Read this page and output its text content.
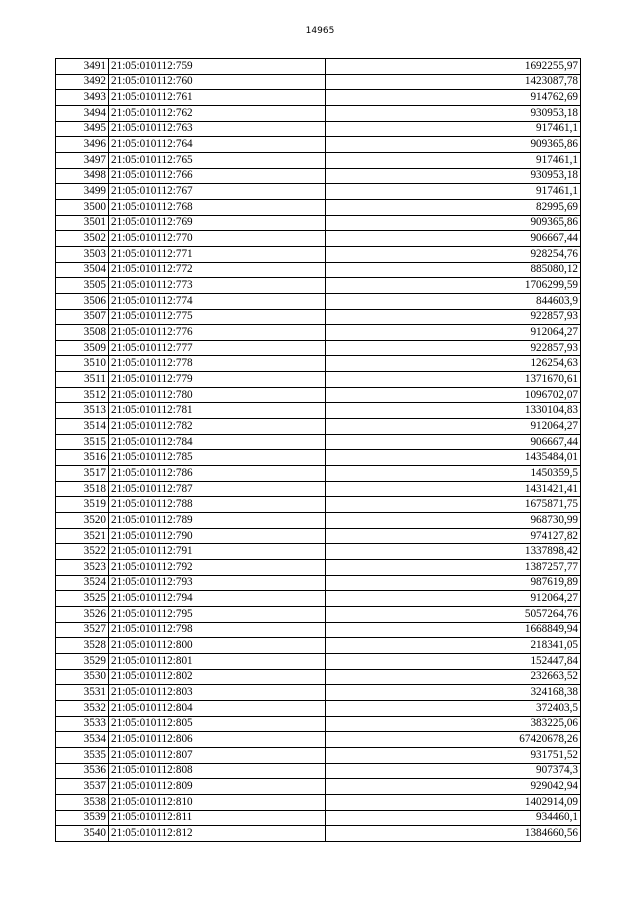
14965
3491	21:05:010112:759	1692255,97
3492	21:05:010112:760	1423087,78
3493	21:05:010112:761	914762,69
3494	21:05:010112:762	930953,18
3495	21:05:010112:763	917461,1
3496	21:05:010112:764	909365,86
3497	21:05:010112:765	917461,1
3498	21:05:010112:766	930953,18
3499	21:05:010112:767	917461,1
3500	21:05:010112:768	82995,69
3501	21:05:010112:769	909365,86
3502	21:05:010112:770	906667,44
3503	21:05:010112:771	928254,76
3504	21:05:010112:772	885080,12
3505	21:05:010112:773	1706299,59
3506	21:05:010112:774	844603,9
3507	21:05:010112:775	922857,93
3508	21:05:010112:776	912064,27
3509	21:05:010112:777	922857,93
3510	21:05:010112:778	126254,63
3511	21:05:010112:779	1371670,61
3512	21:05:010112:780	1096702,07
3513	21:05:010112:781	1330104,83
3514	21:05:010112:782	912064,27
3515	21:05:010112:784	906667,44
3516	21:05:010112:785	1435484,01
3517	21:05:010112:786	1450359,5
3518	21:05:010112:787	1431421,41
3519	21:05:010112:788	1675871,75
3520	21:05:010112:789	968730,99
3521	21:05:010112:790	974127,82
3522	21:05:010112:791	1337898,42
3523	21:05:010112:792	1387257,77
3524	21:05:010112:793	987619,89
3525	21:05:010112:794	912064,27
3526	21:05:010112:795	5057264,76
3527	21:05:010112:798	1668849,94
3528	21:05:010112:800	218341,05
3529	21:05:010112:801	152447,84
3530	21:05:010112:802	232663,52
3531	21:05:010112:803	324168,38
3532	21:05:010112:804	372403,5
3533	21:05:010112:805	383225,06
3534	21:05:010112:806	67420678,26
3535	21:05:010112:807	931751,52
3536	21:05:010112:808	907374,3
3537	21:05:010112:809	929042,94
3538	21:05:010112:810	1402914,09
3539	21:05:010112:811	934460,1
3540	21:05:010112:812	1384660,56
